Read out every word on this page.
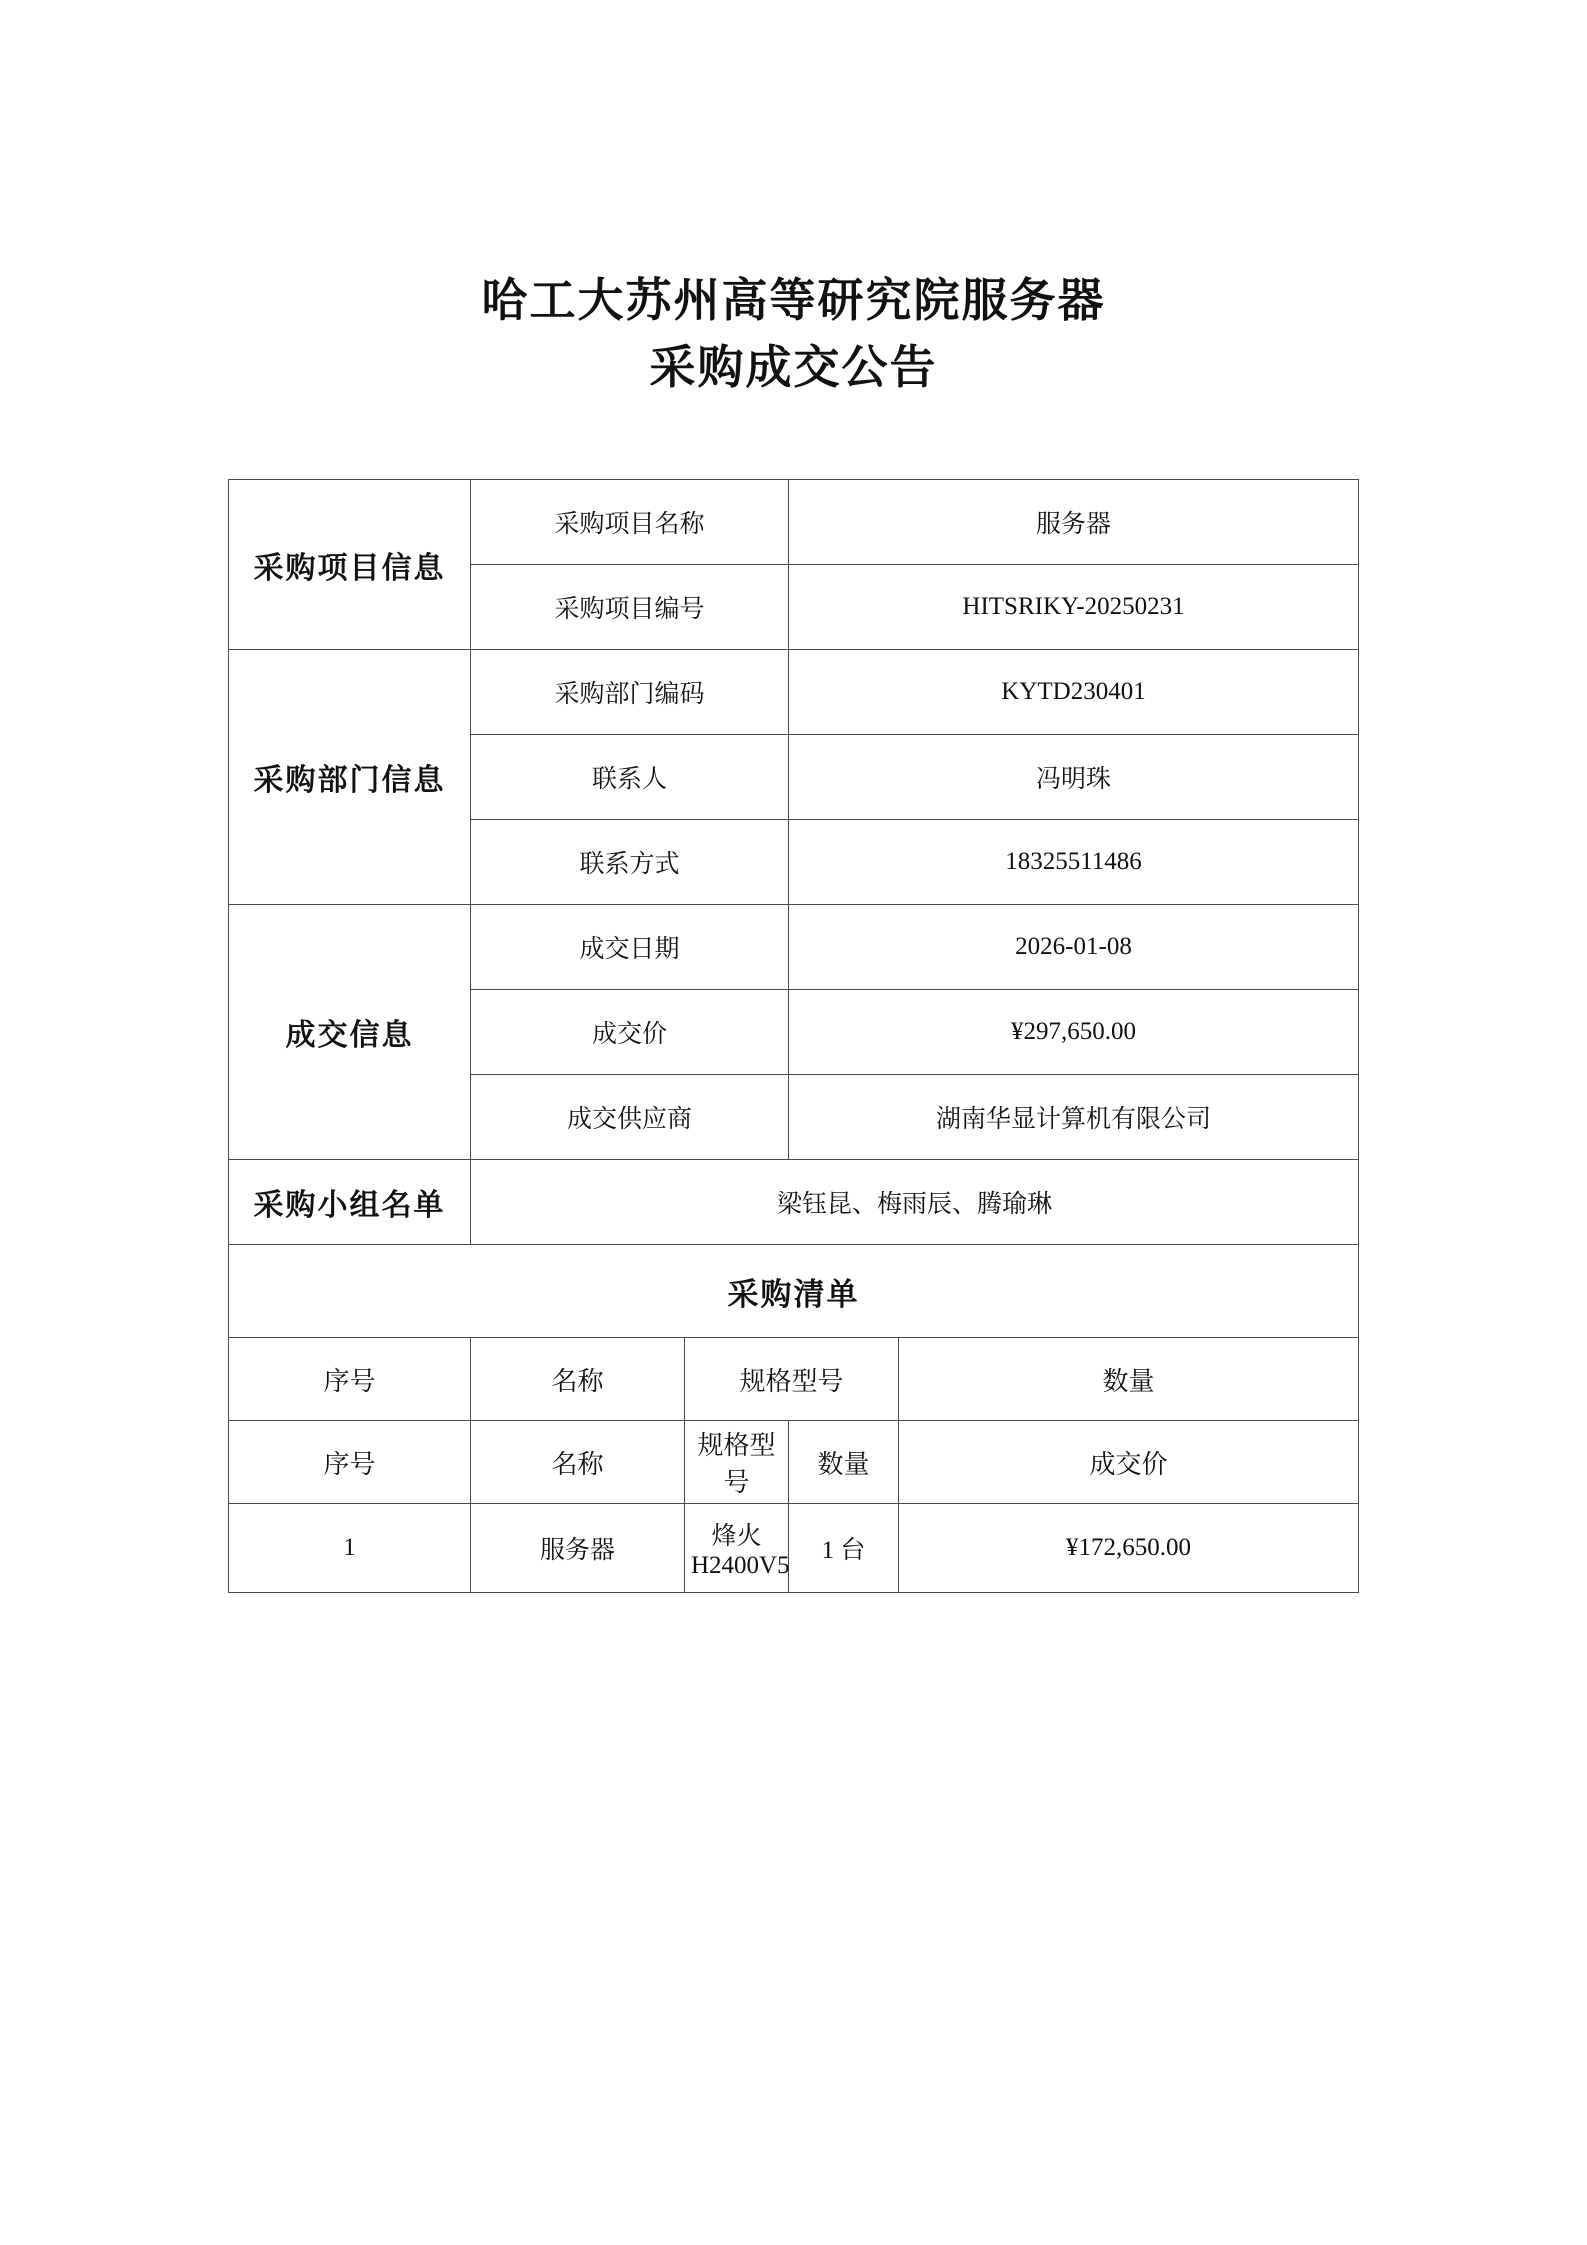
哈工大苏州高等研究院服务器
采购成交公告
采购项目信息	采购项目名称		服务器	
	采购项目编号		HITSRIKY-20250231	
采购部门信息	采购部门编码		KYTD230401	
	联系人		冯明珠	
	联系方式		18325511486	
成交信息	成交日期		2026-01-08	
	成交价		¥297,650.00	
	成交供应商		湖南华显计算机有限公司	
采购小组名单	梁钰昆、梅雨辰、腾瑜琳			
采购清单				
序号	名称	规格型号		数量
序号	名称	规格型号	数量	成交价
1	服务器	烽火 H2400V5	1 台	¥172,650.00
